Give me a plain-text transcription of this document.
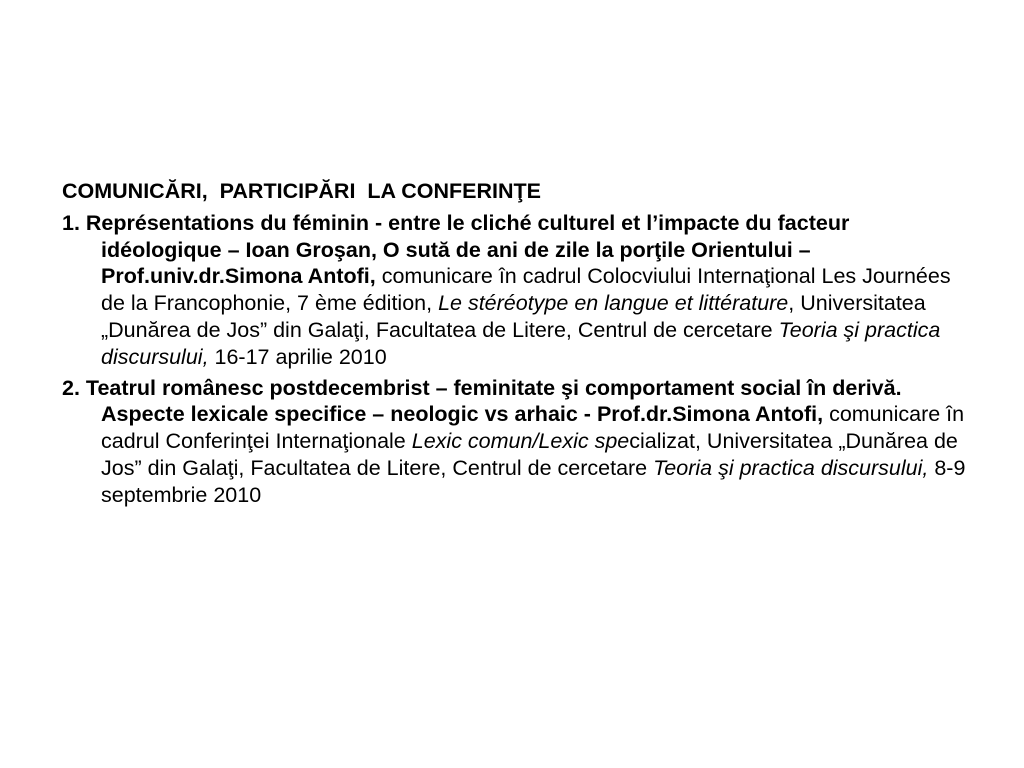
COMUNICĂRI,  PARTICIPĂRI  LA CONFERINŢE

1. Représentations du féminin - entre le cliché culturel et l’impacte du facteur idéologique – Ioan Groşan, O sută de ani de zile la porţile Orientului – Prof.univ.dr.Simona Antofi, comunicare în cadrul Colocviului Internaţional Les Journées de la Francophonie, 7 ème édition, Le stéréotype en langue et littérature, Universitatea „Dunărea de Jos” din Galaţi, Facultatea de Litere, Centrul de cercetare Teoria şi practica discursului, 16-17 aprilie 2010

2. Teatrul românesc postdecembrist – feminitate şi comportament social în derivă. Aspecte lexicale specifice – neologic vs arhaic - Prof.dr.Simona Antofi, comunicare în cadrul Conferinţei Internaţionale Lexic comun/Lexic specializat, Universitatea „Dunărea de Jos” din Galaţi, Facultatea de Litere, Centrul de cercetare Teoria şi practica discursului, 8-9 septembrie 2010
